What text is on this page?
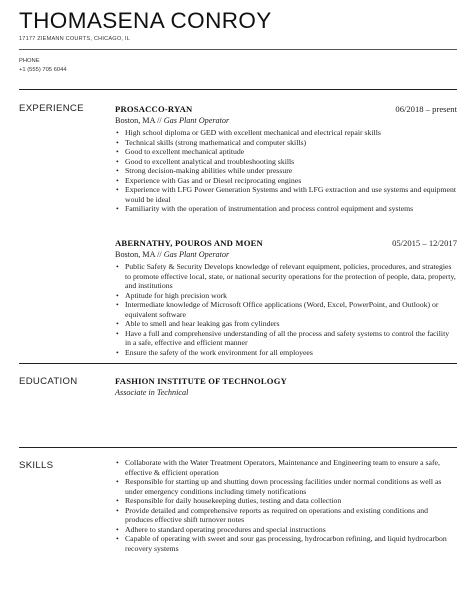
THOMASENA CONROY
17177 ZIEMANN COURTS, CHICAGO, IL
PHONE
+1 (555) 705 6044
EXPERIENCE	PROSACCO-RYAN	06/2018 – present
Boston, MA // Gas Plant Operator
• High school diploma or GED with excellent mechanical and electrical repair skills
• Technical skills (strong mathematical and computer skills)
• Good to excellent mechanical aptitude
• Good to excellent analytical and troubleshooting skills
• Strong decision-making abilities while under pressure
• Experience with Gas and or Diesel reciprocating engines
• Experience with LFG Power Generation Systems and with LFG extraction and use systems and equipment would be ideal
• Familiarity with the operation of instrumentation and process control equipment and systems
ABERNATHY, POUROS AND MOEN	05/2015 – 12/2017
Boston, MA // Gas Plant Operator
• Public Safety & Security Develops knowledge of relevant equipment, policies, procedures, and strategies to promote effective local, state, or national security operations for the protection of people, data, property, and institutions
• Aptitude for high precision work
• Intermediate knowledge of Microsoft Office applications (Word, Excel, PowerPoint, and Outlook) or equivalent software
• Able to smell and hear leaking gas from cylinders
• Have a full and comprehensive understanding of all the process and safety systems to control the facility in a safe, effective and efficient manner
• Ensure the safety of the work environment for all employees
EDUCATION	FASHION INSTITUTE OF TECHNOLOGY
Associate in Technical
SKILLS
•	Collaborate with the Water Treatment Operators, Maintenance and Engineering team to ensure a safe, effective & efficient operation
• Responsible for starting up and shutting down processing facilities under normal conditions as well as under emergency conditions including timely notifications
• Responsible for daily housekeeping duties, testing and data collection
• Provide detailed and comprehensive reports as required on operations and existing conditions and produces effective shift turnover notes
• Adhere to standard operating procedures and special instructions
• Capable of operating with sweet and sour gas processing, hydrocarbon refining, and liquid hydrocarbon recovery systems
